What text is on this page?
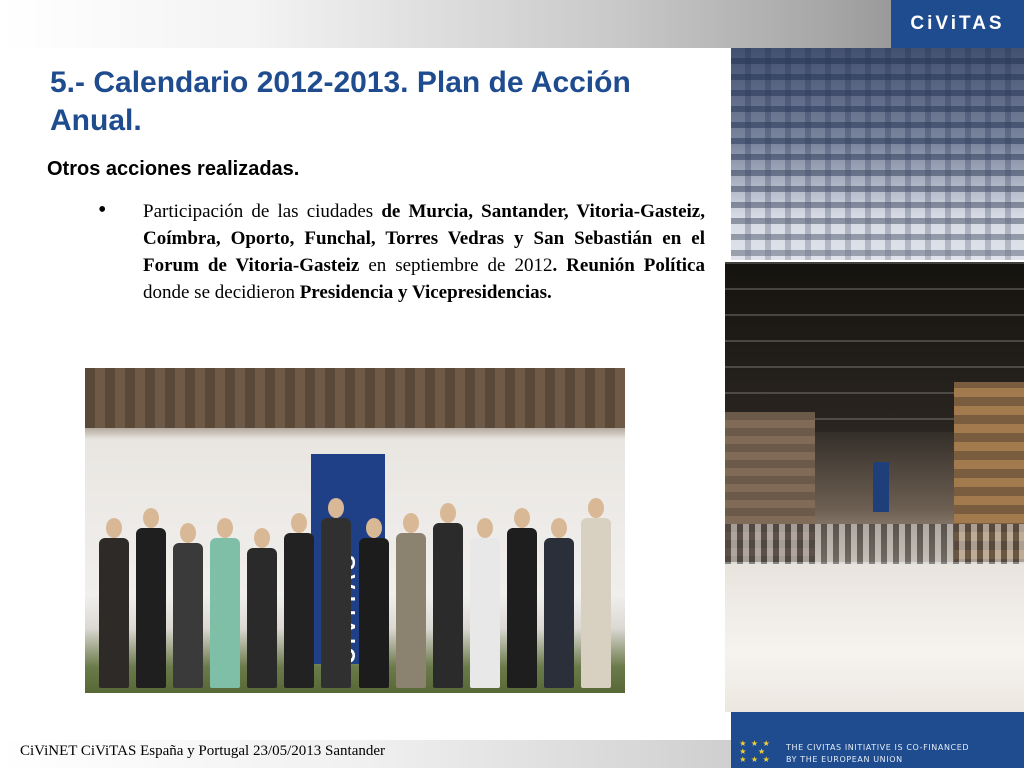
CiViTAS
5.- Calendario 2012-2013. Plan de Acción Anual.
Otros acciones realizadas.
• Participación de las ciudades de Murcia, Santander, Vitoria-Gasteiz, Coímbra, Oporto, Funchal, Torres Vedras y San Sebastián en el Forum de Vitoria-Gasteiz en septiembre de 2012. Reunión Política donde se decidieron Presidencia y Vicepresidencias.
CiViNET CiViTAS España y Portugal 23/05/2013 Santander	★ ★ ★
★   ★
★ ★ ★
THE CIVITAS INITIATIVE IS CO-FINANCED
BY THE EUROPEAN UNION
